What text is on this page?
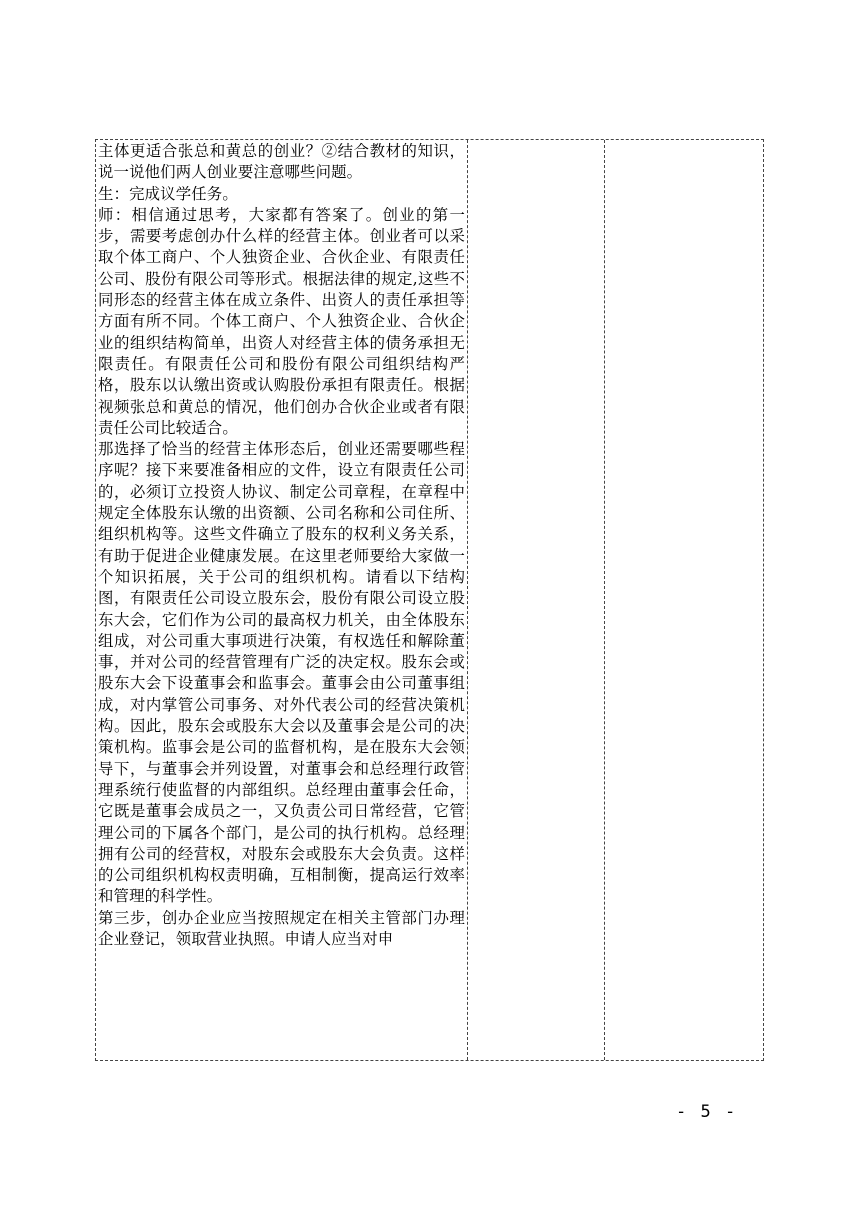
主体更适合张总和黄总的创业？②结合教材的知识，说一说他们两人创业要注意哪些问题。

生：完成议学任务。

师：相信通过思考，大家都有答案了。创业的第一步，需要考虑创办什么样的经营主体。创业者可以采取个体工商户、个人独资企业、合伙企业、有限责任公司、股份有限公司等形式。根据法律的规定,这些不同形态的经营主体在成立条件、出资人的责任承担等方面有所不同。个体工商户、个人独资企业、合伙企业的组织结构简单，出资人对经营主体的债务承担无限责任。有限责任公司和股份有限公司组织结构严格，股东以认缴出资或认购股份承担有限责任。根据视频张总和黄总的情况，他们创办合伙企业或者有限责任公司比较适合。

那选择了恰当的经营主体形态后，创业还需要哪些程序呢？接下来要准备相应的文件，设立有限责任公司的，必须订立投资人协议、制定公司章程，在章程中规定全体股东认缴的出资额、公司名称和公司住所、组织机构等。这些文件确立了股东的权利义务关系，有助于促进企业健康发展。在这里老师要给大家做一个知识拓展，关于公司的组织机构。请看以下结构图，有限责任公司设立股东会，股份有限公司设立股东大会，它们作为公司的最高权力机关，由全体股东组成，对公司重大事项进行决策，有权选任和解除董事，并对公司的经营管理有广泛的决定权。股东会或股东大会下设董事会和监事会。董事会由公司董事组成，对内掌管公司事务、对外代表公司的经营决策机构。因此，股东会或股东大会以及董事会是公司的决策机构。监事会是公司的监督机构，是在股东大会领导下，与董事会并列设置，对董事会和总经理行政管理系统行使监督的内部组织。总经理由董事会任命，它既是董事会成员之一，又负责公司日常经营，它管理公司的下属各个部门，是公司的执行机构。总经理拥有公司的经营权，对股东会或股东大会负责。这样的公司组织机构权责明确，互相制衡，提高运行效率和管理的科学性。

第三步，创办企业应当按照规定在相关主管部门办理企业登记，领取营业执照。申请人应当对申

- 5 -
